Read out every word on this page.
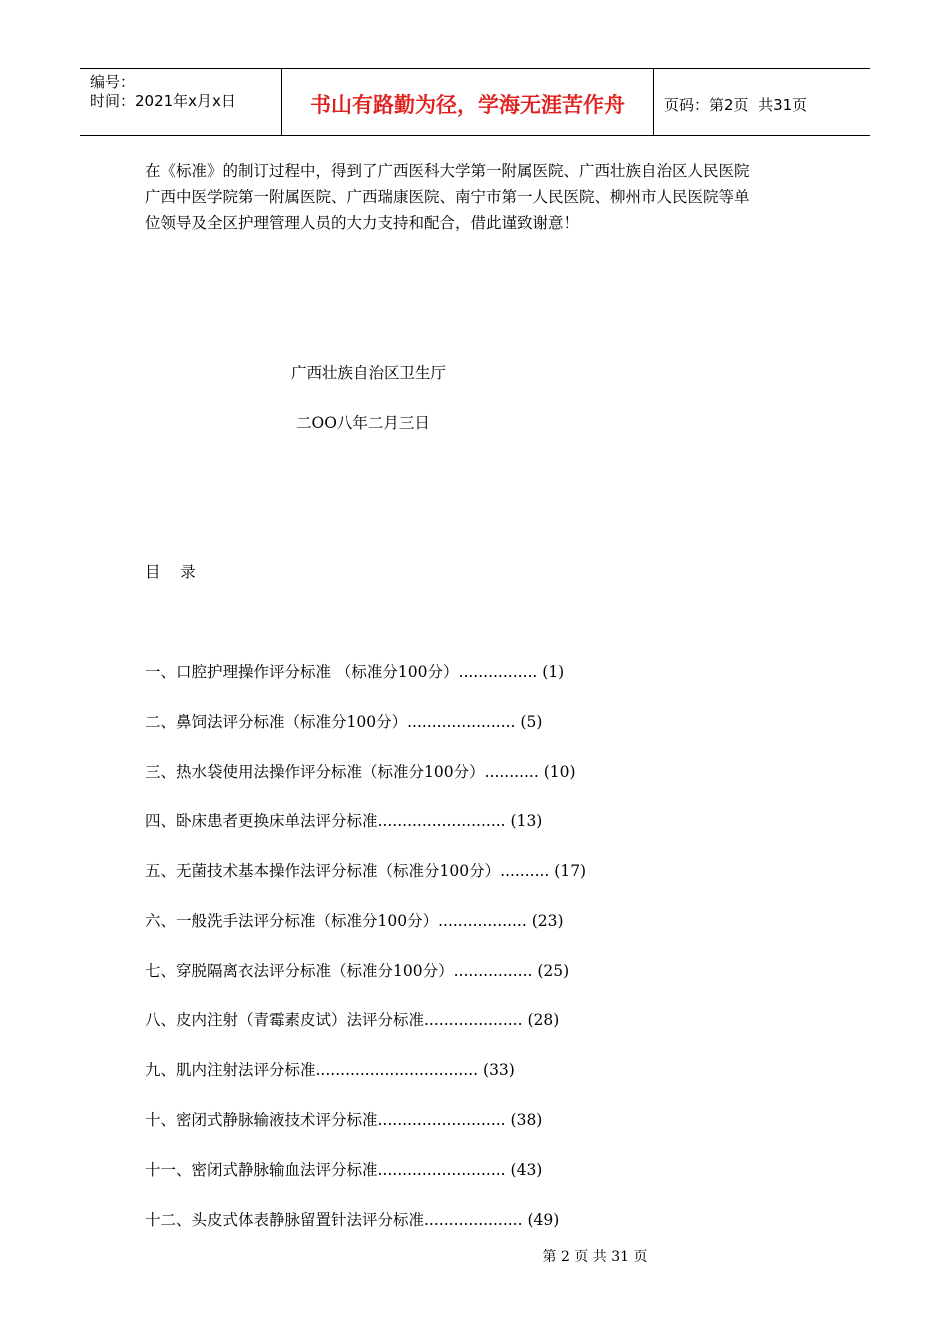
编号：
时间：2021年x月x日	书山有路勤为径，学海无涯苦作舟	页码：第2页  共31页
在《标准》的制订过程中，得到了广西医科大学第一附属医院、广西壮族自治区人民医院
广西中医学院第一附属医院、广西瑞康医院、南宁市第一人民医院、柳州市人民医院等单
位领导及全区护理管理人员的大力支持和配合，借此谨致谢意！
广西壮族自治区卫生厅
二OO八年二月三日
目    录
一、口腔护理操作评分标准 （标准分100分）................ (1)
二、鼻饲法评分标准（标准分100分）...................... (5)
三、热水袋使用法操作评分标准（标准分100分）........... (10)
四、卧床患者更换床单法评分标准.......................... (13)
五、无菌技术基本操作法评分标准（标准分100分）.......... (17)
六、一般洗手法评分标准（标准分100分）.................. (23)
七、穿脱隔离衣法评分标准（标准分100分）................ (25)
八、皮内注射（青霉素皮试）法评分标准.................... (28)
九、肌内注射法评分标准................................. (33)
十、密闭式静脉输液技术评分标准.......................... (38)
十一、密闭式静脉输血法评分标准.......................... (43)
十二、头皮式体表静脉留置针法评分标准.................... (49)
第 2 页 共 31 页
